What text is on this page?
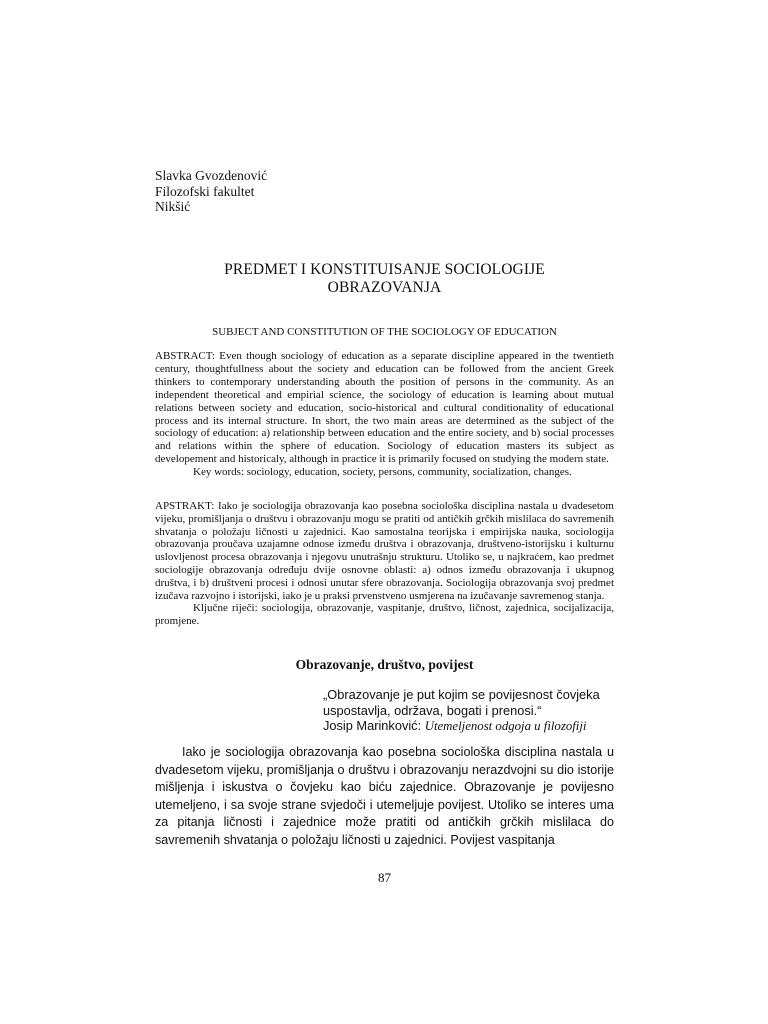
Slavka Gvozdenović
Filozofski fakultet
Nikšić
PREDMET I KONSTITUISANJE SOCIOLOGIJE
OBRAZOVANJA
SUBJECT AND CONSTITUTION OF THE SOCIOLOGY OF EDUCATION

ABSTRACT: Even though sociology of education as a separate discipline appeared in the twentieth century, thoughtfullness about the society and education can be followed from the ancient Greek thinkers to contemporary understanding abouth the position of persons in the community. As an independent theoretical and empirial science, the sociology of education is learning about mutual relations between society and education, socio-historical and cultural conditionality of educational process and its internal structure. In short, the two main areas are determined as the subject of the sociology of education: a) relationship between education and the entire society, and b) social processes and relations within the sphere of education. Sociology of education masters its subject as developement and historicaly, although in practice it is primarily focused on studying the modern state.

Key words: sociology, education, society, persons, community, socialization, changes.

APSTRAKT: Iako je sociologija obrazovanja kao posebna sociološka disciplina nastala u dvadesetom vijeku, promišljanja o društvu i obrazovanju mogu se pratiti od antičkih grčkih mislilaca do savremenih shvatanja o položaju ličnosti u zajednici. Kao samostalna teorijska i empirijska nauka, sociologija obrazovanja proučava uzajamne odnose između društva i obrazovanja, društveno-istorijsku i kulturnu uslovljenost procesa obrazovanja i njegovu unutrašnju strukturu. Utoliko se, u najkraćem, kao predmet sociologije obrazovanja određuju dvije osnovne oblasti: a) odnos između obrazovanja i ukupnog društva, i b) društveni procesi i odnosi unutar sfere obrazovanja. Sociologija obrazovanja svoj predmet izučava razvojno i istorijski, iako je u praksi prvenstveno usmjerena na izučavanje savremenog stanja.

Ključne riječi: sociologija, obrazovanje, vaspitanje, društvo, ličnost, zajednica, socijalizacija, promjene.

Obrazovanje, društvo, povijest
„Obrazovanje je put kojim se povijesnost čovjeka
uspostavlja, održava, bogati i prenosi.“
Josip Marinković: Utemeljenost odgoja u filozofiji

Iako je sociologija obrazovanja kao posebna sociološka disciplina nastala u dvadesetom vijeku, promišljanja o društvu i obrazovanju nerazdvojni su dio istorije mišljenja i iskustva o čovjeku kao biću zajednice. Obrazovanje je povijesno utemeljeno, i sa svoje strane svjedoči i utemeljuje povijest. Utoliko se interes uma za pitanja ličnosti i zajednice može pratiti od antičkih grčkih mislilaca do savremenih shvatanja o položaju ličnosti u zajednici. Povijest vaspitanja

87
